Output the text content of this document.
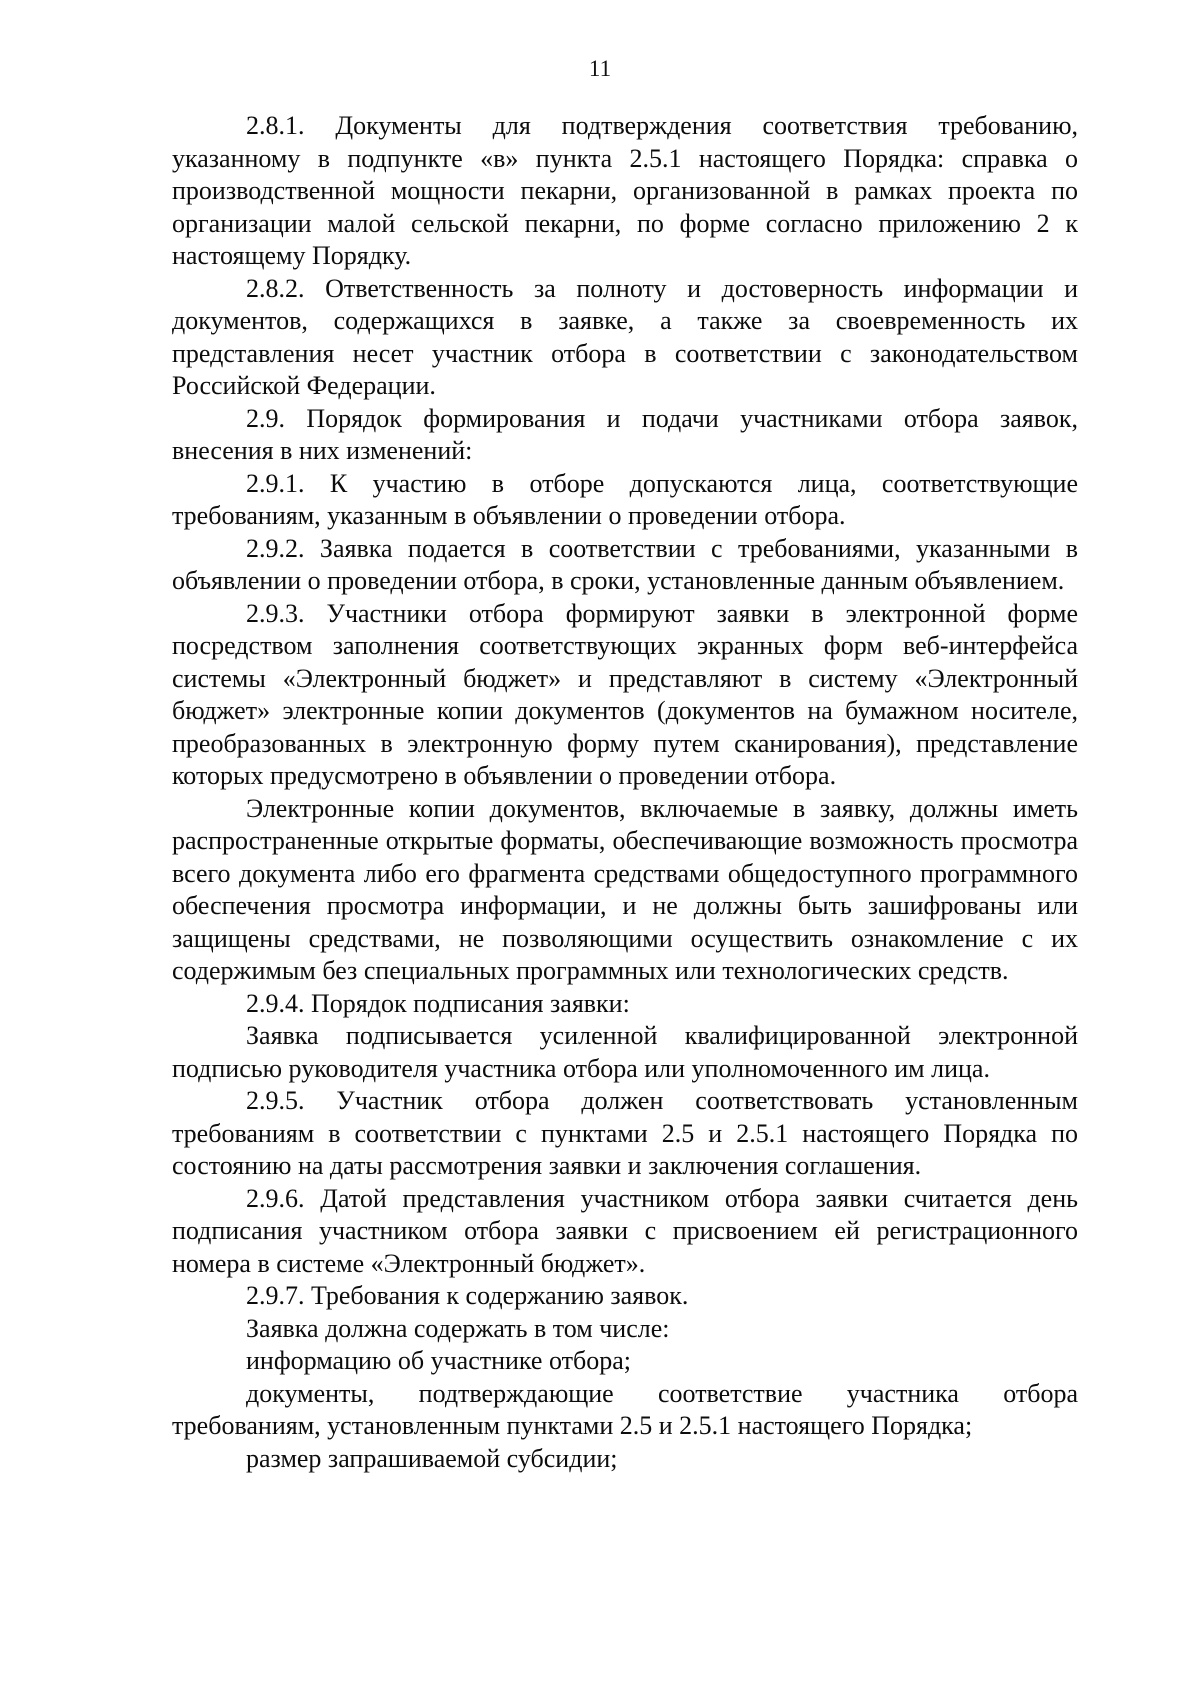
11

2.8.1. Документы для подтверждения соответствия требованию, указанному в подпункте «в» пункта 2.5.1 настоящего Порядка: справка о производственной мощности пекарни, организованной в рамках проекта по организации малой сельской пекарни, по форме согласно приложению 2 к настоящему Порядку.

2.8.2. Ответственность за полноту и достоверность информации и документов, содержащихся в заявке, а также за своевременность их представления несет участник отбора в соответствии с законодательством Российской Федерации.

2.9. Порядок формирования и подачи участниками отбора заявок, внесения в них изменений:

2.9.1. К участию в отборе допускаются лица, соответствующие требованиям, указанным в объявлении о проведении отбора.

2.9.2. Заявка подается в соответствии с требованиями, указанными в объявлении о проведении отбора, в сроки, установленные данным объявлением.

2.9.3. Участники отбора формируют заявки в электронной форме посредством заполнения соответствующих экранных форм веб-интерфейса системы «Электронный бюджет» и представляют в систему «Электронный бюджет» электронные копии документов (документов на бумажном носителе, преобразованных в электронную форму путем сканирования), представление которых предусмотрено в объявлении о проведении отбора.

Электронные копии документов, включаемые в заявку, должны иметь распространенные открытые форматы, обеспечивающие возможность просмотра всего документа либо его фрагмента средствами общедоступного программного обеспечения просмотра информации, и не должны быть зашифрованы или защищены средствами, не позволяющими осуществить ознакомление с их содержимым без специальных программных или технологических средств.

2.9.4. Порядок подписания заявки:

Заявка подписывается усиленной квалифицированной электронной подписью руководителя участника отбора или уполномоченного им лица.

2.9.5. Участник отбора должен соответствовать установленным требованиям в соответствии с пунктами 2.5 и 2.5.1 настоящего Порядка по состоянию на даты рассмотрения заявки и заключения соглашения.

2.9.6. Датой представления участником отбора заявки считается день подписания участником отбора заявки с присвоением ей регистрационного номера в системе «Электронный бюджет».

2.9.7. Требования к содержанию заявок.

Заявка должна содержать в том числе:

информацию об участнике отбора;

документы, подтверждающие соответствие участника отбора требованиям, установленным пунктами 2.5 и 2.5.1 настоящего Порядка;

размер запрашиваемой субсидии;
